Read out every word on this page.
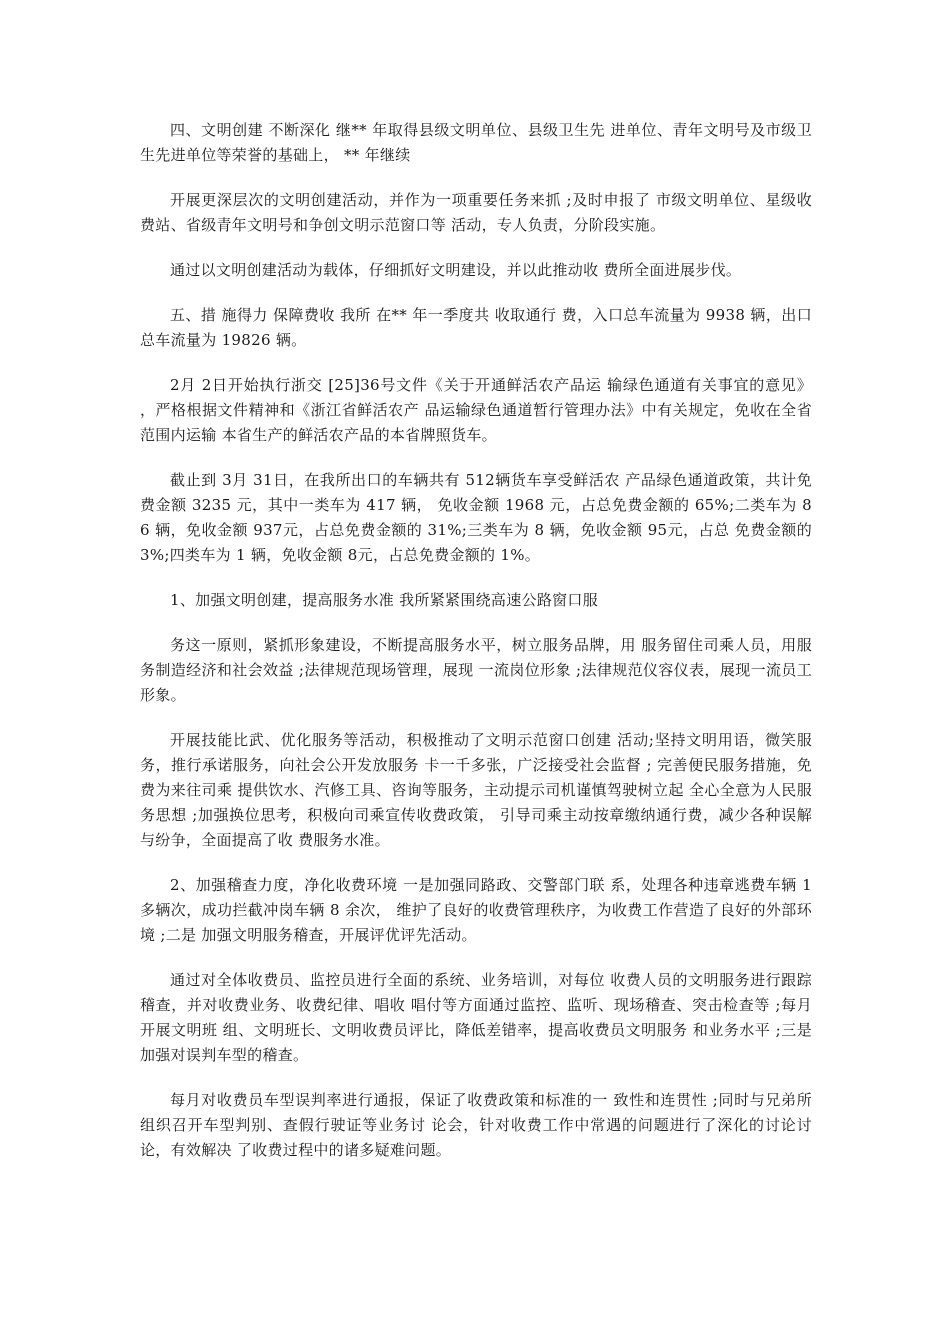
四、文明创建 不断深化 继** 年取得县级文明单位、县级卫生先 进单位、青年文明号及市级卫生先进单位等荣誉的基础上， ** 年继续

开展更深层次的文明创建活动，并作为一项重要任务来抓 ;及时申报了 市级文明单位、星级收费站、省级青年文明号和争创文明示范窗口等 活动，专人负责，分阶段实施。

通过以文明创建活动为载体，仔细抓好文明建设，并以此推动收 费所全面进展步伐。

五、措 施得力 保障费收 我所 在** 年一季度共 收取通行 费，入口总车流量为 9938 辆，出口总车流量为 19826 辆。

2月 2日开始执行浙交 [25]36号文件《关于开通鲜活农产品运 输绿色通道有关事宜的意见》 ，严格根据文件精神和《浙江省鲜活农产 品运输绿色通道暂行管理办法》中有关规定，免收在全省范围内运输 本省生产的鲜活农产品的本省牌照货车。

截止到 3月 31日，在我所出口的车辆共有 512辆货车享受鲜活农 产品绿色通道政策，共计免费金额 3235 元，其中一类车为 417 辆， 免收金额 1968 元，占总免费金额的 65%;二类车为 86 辆，免收金额 937元，占总免费金额的 31%;三类车为 8 辆，免收金额 95元，占总 免费金额的 3%;四类车为 1 辆，免收金额 8元，占总免费金额的 1%。

1、加强文明创建，提高服务水准 我所紧紧围绕高速公路窗口服

务这一原则，紧抓形象建设，不断提高服务水平，树立服务品牌，用 服务留住司乘人员，用服务制造经济和社会效益 ;法律规范现场管理，展现 一流岗位形象 ;法律规范仪容仪表，展现一流员工形象。

开展技能比武、优化服务等活动，积极推动了文明示范窗口创建 活动;坚持文明用语，微笑服务，推行承诺服务，向社会公开发放服务 卡一千多张，广泛接受社会监督 ; 完善便民服务措施，免费为来往司乘 提供饮水、汽修工具、咨询等服务，主动提示司机谨慎驾驶树立起 全心全意为人民服务思想 ;加强换位思考，积极向司乘宣传收费政策， 引导司乘主动按章缴纳通行费，减少各种误解与纷争，全面提高了收 费服务水准。

2、加强稽查力度，净化收费环境 一是加强同路政、交警部门联 系，处理各种违章逃费车辆 1 多辆次，成功拦截冲岗车辆 8 余次， 维护了良好的收费管理秩序，为收费工作营造了良好的外部环境 ;二是 加强文明服务稽查，开展评优评先活动。

通过对全体收费员、监控员进行全面的系统、业务培训，对每位 收费人员的文明服务进行跟踪稽查，并对收费业务、收费纪律、唱收 唱付等方面通过监控、监听、现场稽查、突击检查等 ;每月开展文明班 组、文明班长、文明收费员评比，降低差错率，提高收费员文明服务 和业务水平 ;三是加强对误判车型的稽查。

每月对收费员车型误判率进行通报，保证了收费政策和标准的一 致性和连贯性 ;同时与兄弟所组织召开车型判别、查假行驶证等业务讨 论会，针对收费工作中常遇的问题进行了深化的讨论讨论，有效解决 了收费过程中的诸多疑难问题。
